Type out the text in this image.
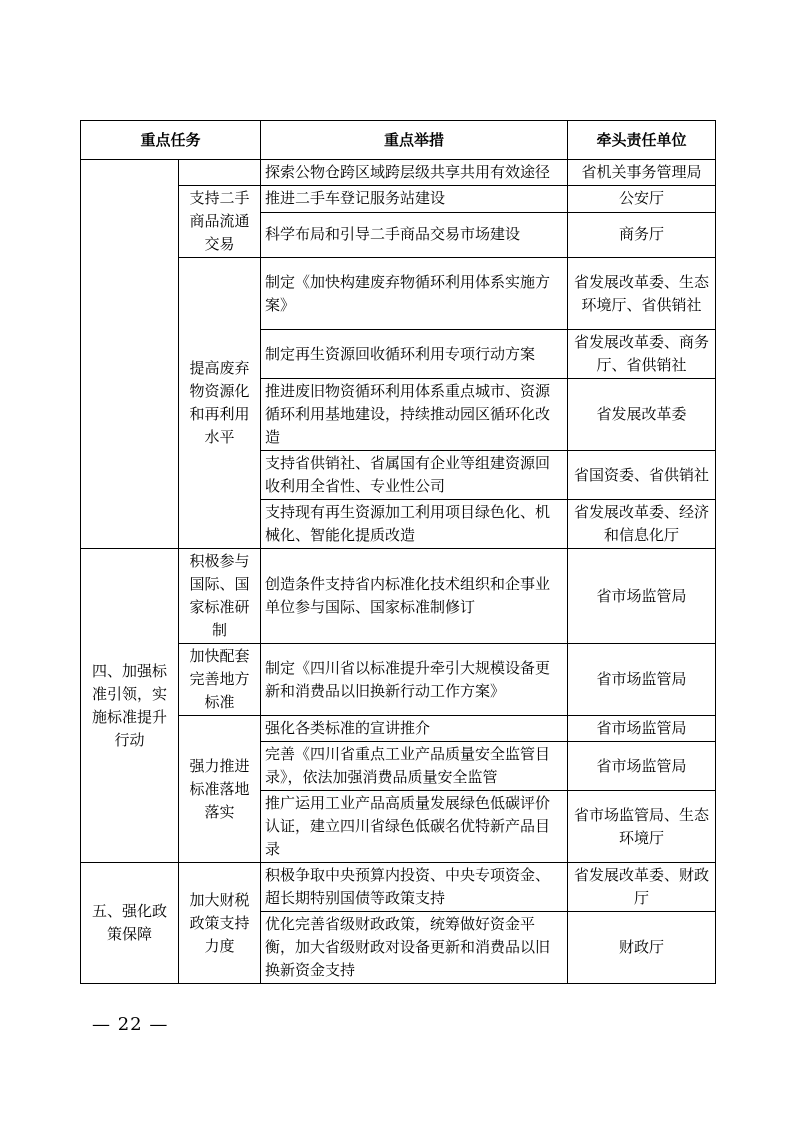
重点任务		重点举措	牵头责任单位
		探索公物仓跨区域跨层级共享共用有效途径	省机关事务管理局
	支持二手商品流通交易	推进二手车登记服务站建设	公安厅
		科学布局和引导二手商品交易市场建设	商务厅
	提高废弃物资源化和再利用水平	制定《加快构建废弃物循环利用体系实施方案》	省发展改革委、生态环境厅、省供销社
		制定再生资源回收循环利用专项行动方案	省发展改革委、商务厅、省供销社
		推进废旧物资循环利用体系重点城市、资源循环利用基地建设，持续推动园区循环化改造	省发展改革委
		支持省供销社、省属国有企业等组建资源回收利用全省性、专业性公司	省国资委、省供销社
		支持现有再生资源加工利用项目绿色化、机械化、智能化提质改造	省发展改革委、经济和信息化厅
四、加强标准引领，实施标准提升行动	积极参与国际、国家标准研制	创造条件支持省内标准化技术组织和企事业单位参与国际、国家标准制修订	省市场监管局
	加快配套完善地方标准	制定《四川省以标准提升牵引大规模设备更新和消费品以旧换新行动工作方案》	省市场监管局
	强力推进标准落地落实	强化各类标准的宣讲推介	省市场监管局
		完善《四川省重点工业产品质量安全监管目录》，依法加强消费品质量安全监管	省市场监管局
		推广运用工业产品高质量发展绿色低碳评价认证，建立四川省绿色低碳名优特新产品目录	省市场监管局、生态环境厅
五、强化政策保障	加大财税政策支持力度	积极争取中央预算内投资、中央专项资金、超长期特别国债等政策支持	省发展改革委、财政厅
		优化完善省级财政政策，统筹做好资金平衡，加大省级财政对设备更新和消费品以旧换新资金支持	财政厅
— 22 —
